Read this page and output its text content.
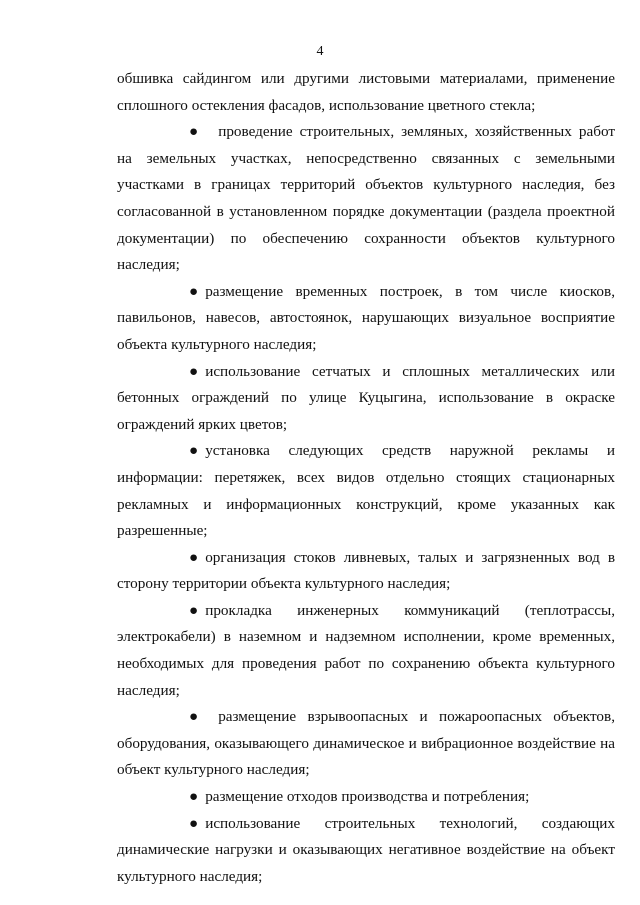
4

обшивка сайдингом или другими листовыми материалами, применение сплошного остекления фасадов, использование цветного стекла;

● проведение строительных, земляных, хозяйственных работ на земельных участках, непосредственно связанных с земельными участками в границах территорий объектов культурного наследия, без согласованной в установленном порядке документации (раздела проектной документации) по обеспечению сохранности объектов культурного наследия;

● размещение временных построек, в том числе киосков, павильонов, навесов, автостоянок, нарушающих визуальное восприятие объекта культурного наследия;

● использование сетчатых и сплошных металлических или бетонных ограждений по улице Куцыгина, использование в окраске ограждений ярких цветов;

● установка следующих средств наружной рекламы и информации: перетяжек, всех видов отдельно стоящих стационарных рекламных и информационных конструкций, кроме указанных как разрешенные;

● организация стоков ливневых, талых и загрязненных вод в сторону территории объекта культурного наследия;

● прокладка инженерных коммуникаций (теплотрассы, электрокабели) в наземном и надземном исполнении, кроме временных, необходимых для проведения работ по сохранению объекта культурного наследия;

● размещение взрывоопасных и пожароопасных объектов, оборудования, оказывающего динамическое и вибрационное воздействие на объект культурного наследия;

● размещение отходов производства и потребления;

● использование строительных технологий, создающих динамические нагрузки и оказывающих негативное воздействие на объект культурного наследия;
